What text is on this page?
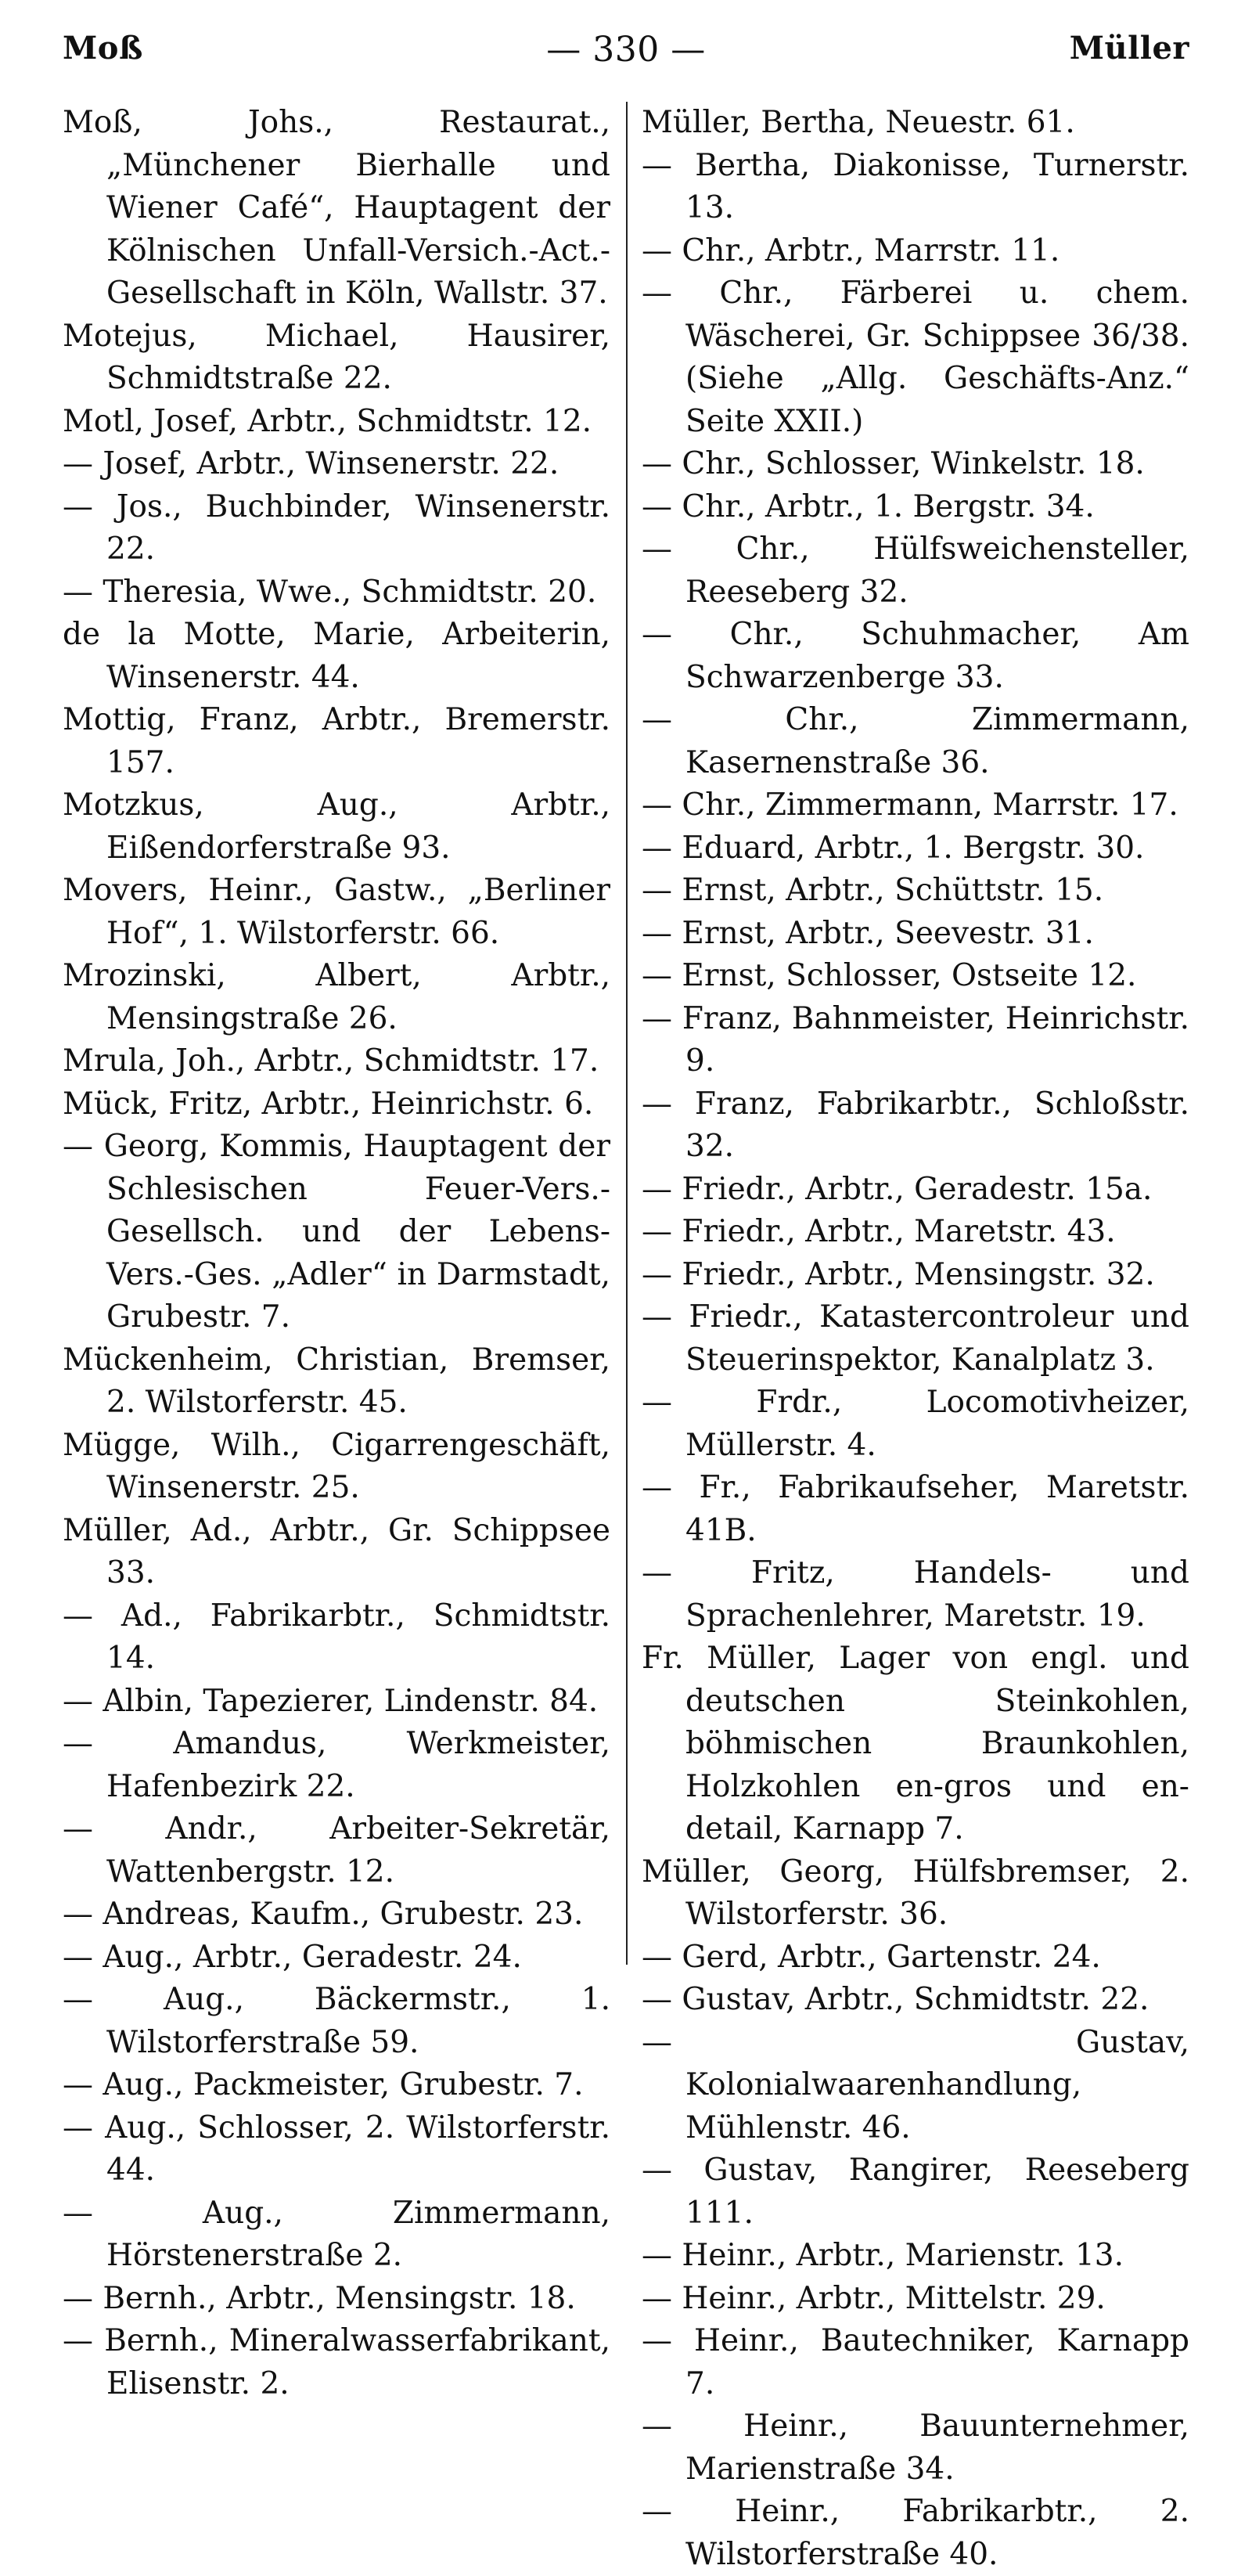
Moß	— 330 —	Müller

Moß, Johs., Restaurat., „Münchener Bierhalle und Wiener Café“, Hauptagent der Kölnischen Unfall-Versich.-Act.-Gesellschaft in Köln, Wallstr. 37.

Motejus, Michael, Hausirer, Schmidtstraße 22.

Motl, Josef, Arbtr., Schmidtstr. 12.

— Josef, Arbtr., Winsenerstr. 22.

— Jos., Buchbinder, Winsenerstr. 22.

— Theresia, Wwe., Schmidtstr. 20.

de la Motte, Marie, Arbeiterin, Winsenerstr. 44.

Mottig, Franz, Arbtr., Bremerstr. 157.

Motzkus, Aug., Arbtr., Eißendorferstraße 93.

Movers, Heinr., Gastw., „Berliner Hof“, 1. Wilstorferstr. 66.

Mrozinski, Albert, Arbtr., Mensingstraße 26.

Mrula, Joh., Arbtr., Schmidtstr. 17.

Mück, Fritz, Arbtr., Heinrichstr. 6.

— Georg, Kommis, Hauptagent der Schlesischen Feuer-Vers.-Gesellsch. und der Lebens-Vers.-Ges. „Adler“ in Darmstadt, Grubestr. 7.

Mückenheim, Christian, Bremser, 2. Wilstorferstr. 45.

Mügge, Wilh., Cigarrengeschäft, Winsenerstr. 25.

Müller, Ad., Arbtr., Gr. Schippsee 33.

— Ad., Fabrikarbtr., Schmidtstr. 14.

— Albin, Tapezierer, Lindenstr. 84.

— Amandus, Werkmeister, Hafenbezirk 22.

— Andr., Arbeiter-Sekretär, Wattenbergstr. 12.

— Andreas, Kaufm., Grubestr. 23.

— Aug., Arbtr., Geradestr. 24.

— Aug., Bäckermstr., 1. Wilstorferstraße 59.

— Aug., Packmeister, Grubestr. 7.

— Aug., Schlosser, 2. Wilstorferstr. 44.

— Aug., Zimmermann, Hörstenerstraße 2.

— Bernh., Arbtr., Mensingstr. 18.

— Bernh., Mineralwasserfabrikant, Elisenstr. 2.

Müller, Bertha, Neuestr. 61.

— Bertha, Diakonisse, Turnerstr. 13.

— Chr., Arbtr., Marrstr. 11.

— Chr., Färberei u. chem. Wäscherei, Gr. Schippsee 36/38. (Siehe „Allg. Geschäfts-Anz.“ Seite XXII.)

— Chr., Schlosser, Winkelstr. 18.

— Chr., Arbtr., 1. Bergstr. 34.

— Chr., Hülfsweichensteller, Reeseberg 32.

— Chr., Schuhmacher, Am Schwarzenberge 33.

— Chr., Zimmermann, Kasernenstraße 36.

— Chr., Zimmermann, Marrstr. 17.

— Eduard, Arbtr., 1. Bergstr. 30.

— Ernst, Arbtr., Schüttstr. 15.

— Ernst, Arbtr., Seevestr. 31.

— Ernst, Schlosser, Ostseite 12.

— Franz, Bahnmeister, Heinrichstr. 9.

— Franz, Fabrikarbtr., Schloßstr. 32.

— Friedr., Arbtr., Geradestr. 15a.

— Friedr., Arbtr., Maretstr. 43.

— Friedr., Arbtr., Mensingstr. 32.

— Friedr., Katastercontroleur und Steuerinspektor, Kanalplatz 3.

— Frdr., Locomotivheizer, Müllerstr. 4.

— Fr., Fabrikaufseher, Maretstr. 41B.

— Fritz, Handels- und Sprachenlehrer, Maretstr. 19.

Fr. Müller, Lager von engl. und deutschen Steinkohlen, böhmischen Braunkohlen, Holzkohlen en-gros und en-detail, Karnapp 7.

Müller, Georg, Hülfsbremser, 2. Wilstorferstr. 36.

— Gerd, Arbtr., Gartenstr. 24.

— Gustav, Arbtr., Schmidtstr. 22.

— Gustav, Kolonialwaarenhandlung, Mühlenstr. 46.

— Gustav, Rangirer, Reeseberg 111.

— Heinr., Arbtr., Marienstr. 13.

— Heinr., Arbtr., Mittelstr. 29.

— Heinr., Bautechniker, Karnapp 7.

— Heinr., Bauunternehmer, Marienstraße 34.

— Heinr., Fabrikarbtr., 2. Wilstorferstraße 40.
